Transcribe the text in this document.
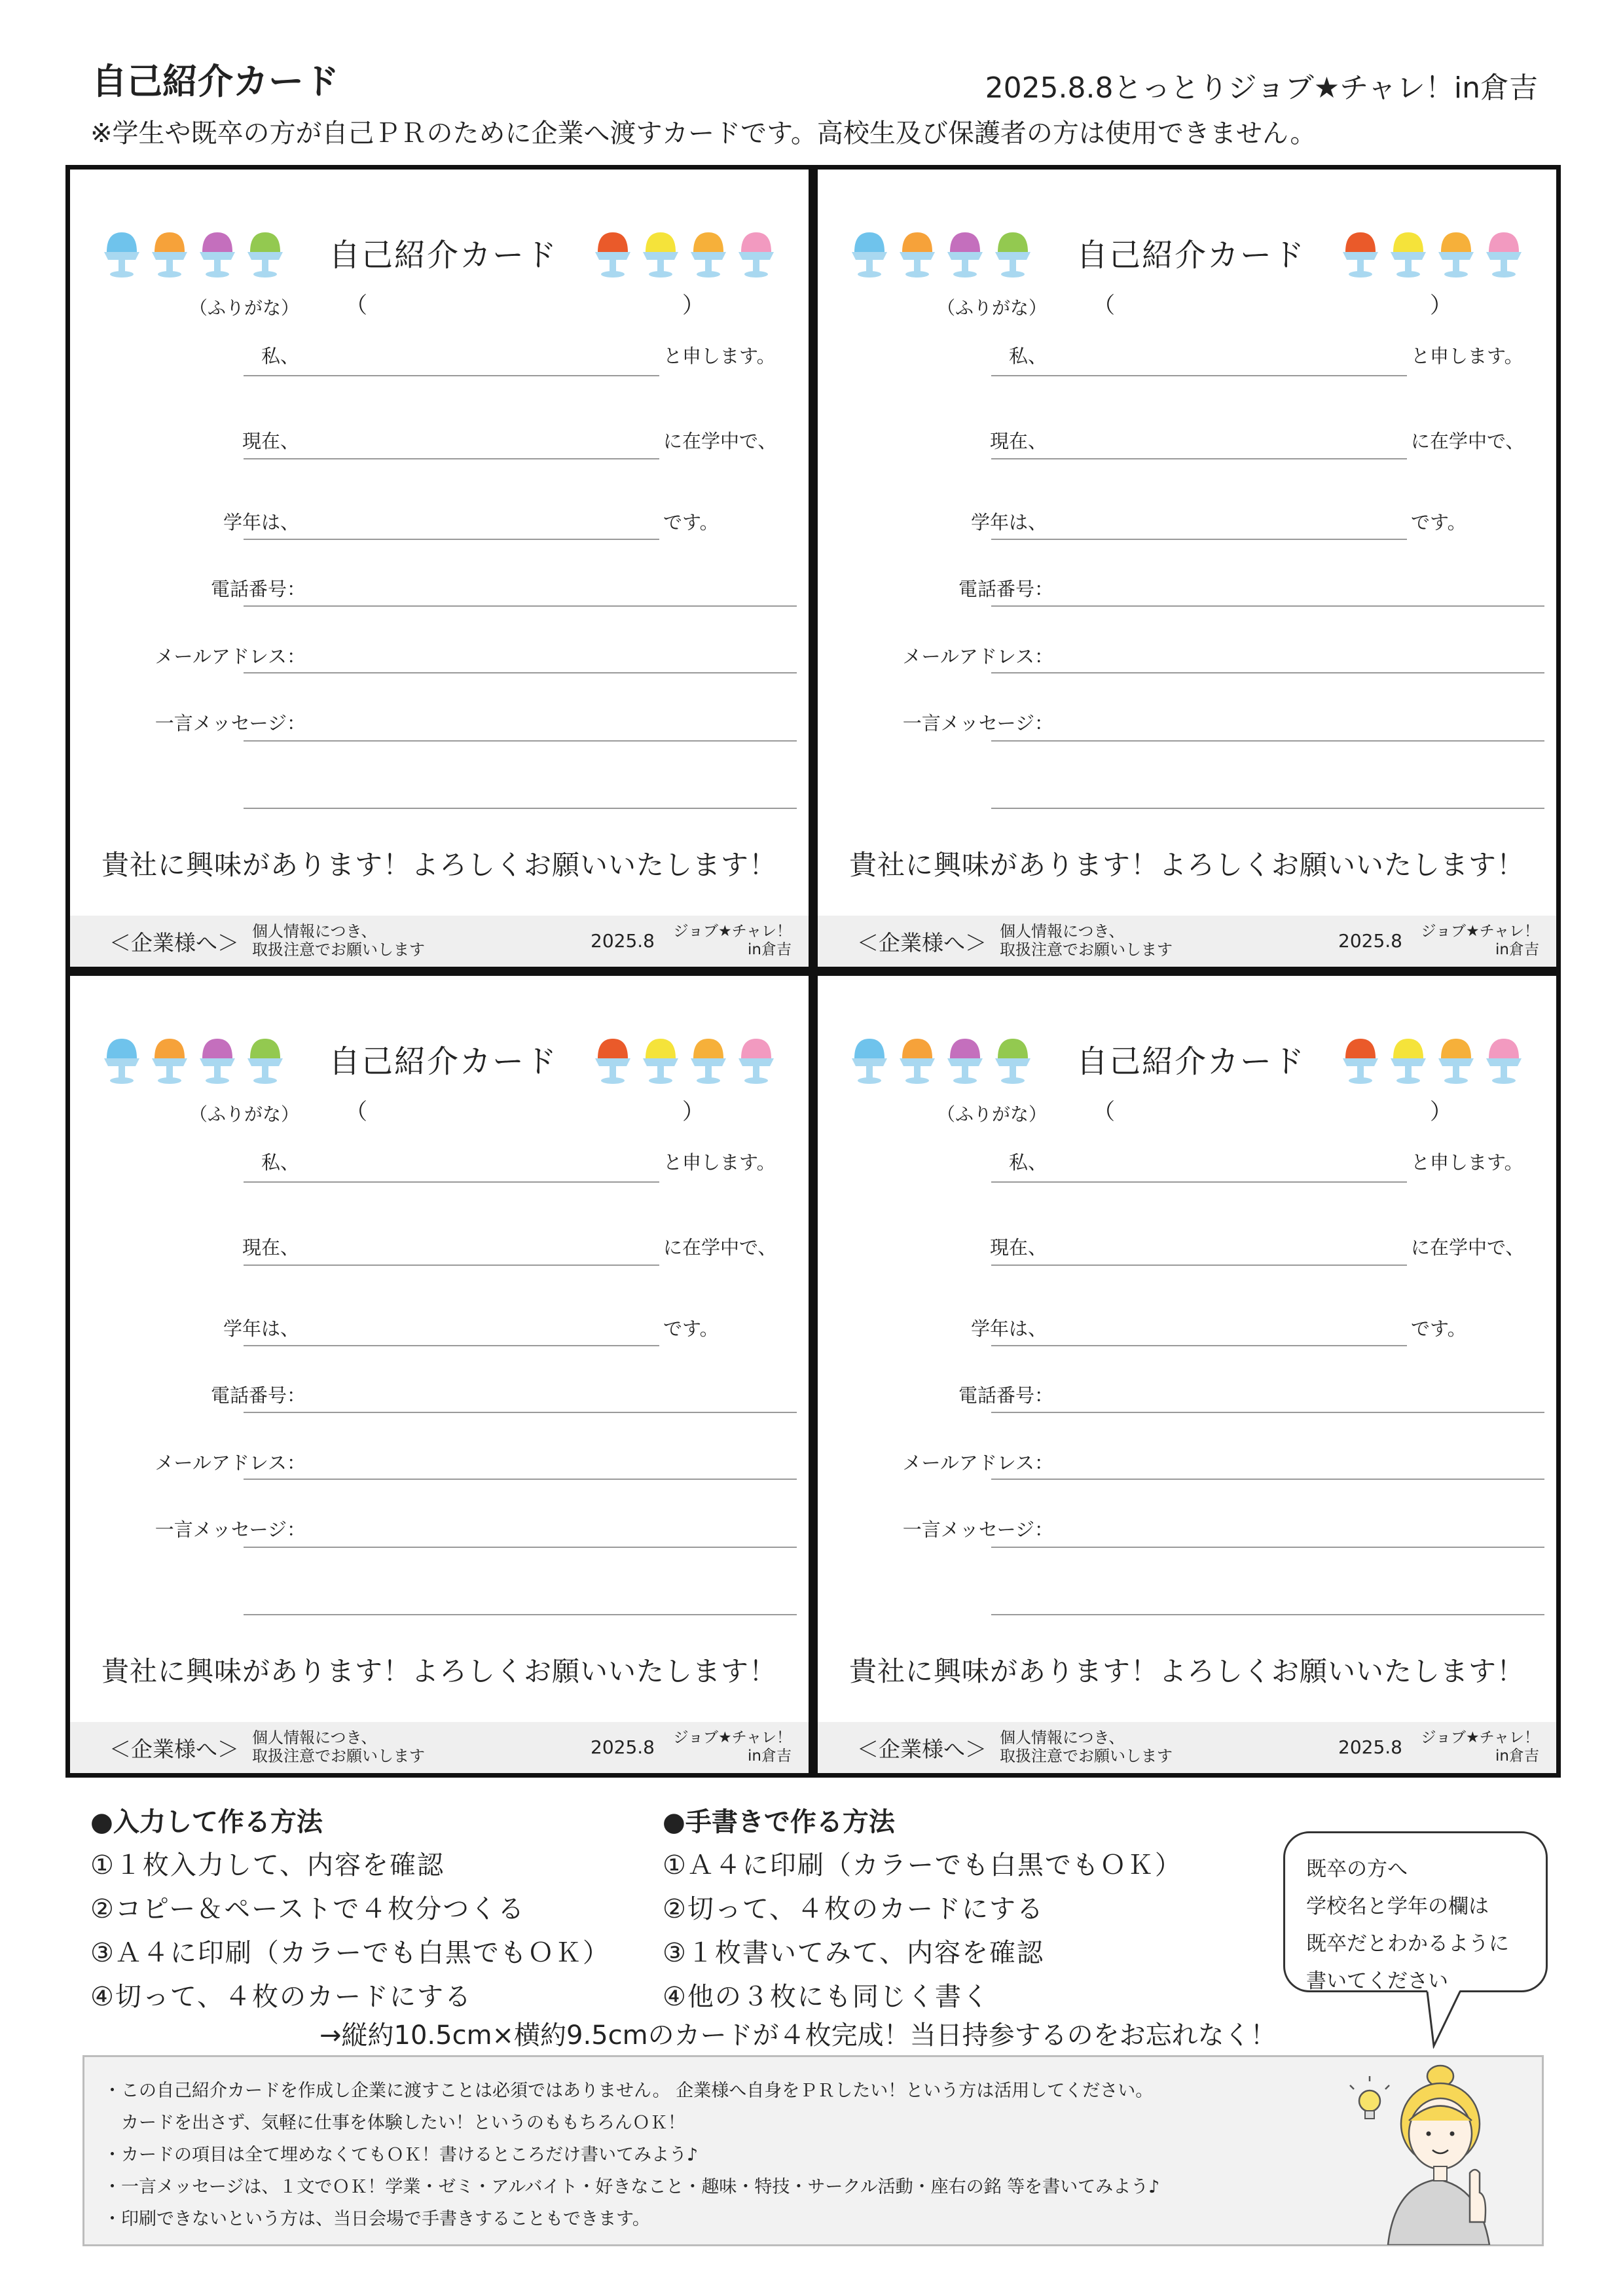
自己紹介カード	2025.8.8とっとりジョブ★チャレ！in倉吉
※学生や既卒の方が自己ＰＲのために企業へ渡すカードです。高校生及び保護者の方は使用できません。
自己紹介カード
（ふりがな） （	）
私、	と申します。
現在、	に在学中で、
学年は、	です。
電話番号：
メールアドレス：
一言メッセージ：
貴社に興味があります！よろしくお願いいたします！
＜企業様へ＞ 個人情報につき、
取扱注意でお願いします	2025.8 ジョブ★チャレ！
in倉吉
自己紹介カード
（ふりがな） （	）
私、	と申します。
現在、	に在学中で、
学年は、	です。
電話番号：
メールアドレス：
一言メッセージ：
貴社に興味があります！よろしくお願いいたします！
＜企業様へ＞ 個人情報につき、
取扱注意でお願いします	2025.8 ジョブ★チャレ！
in倉吉
自己紹介カード
（ふりがな） （	）
私、	と申します。
現在、	に在学中で、
学年は、	です。
電話番号：
メールアドレス：
一言メッセージ：
貴社に興味があります！よろしくお願いいたします！
＜企業様へ＞ 個人情報につき、
取扱注意でお願いします	2025.8 ジョブ★チャレ！
in倉吉
自己紹介カード
（ふりがな） （	）
私、	と申します。
現在、	に在学中で、
学年は、	です。
電話番号：
メールアドレス：
一言メッセージ：
貴社に興味があります！よろしくお願いいたします！
＜企業様へ＞ 個人情報につき、
取扱注意でお願いします	2025.8 ジョブ★チャレ！
in倉吉
●入力して作る方法
①１枚入力して、内容を確認
②コピー＆ペーストで４枚分つくる
③Ａ４に印刷（カラーでも白黒でもＯＫ）
④切って、４枚のカードにする
●手書きで作る方法
①Ａ４に印刷（カラーでも白黒でもＯＫ）
②切って、４枚のカードにする
③１枚書いてみて、内容を確認
④他の３枚にも同じく書く
既卒の方へ
学校名と学年の欄は
既卒だとわかるように
書いてください
→縦約10.5cm×横約9.5cmのカードが４枚完成！当日持参するのをお忘れなく！
・この自己紹介カードを作成し企業に渡すことは必須ではありません。 企業様へ自身をＰＲしたい！という方は活用してください。
　カードを出さず、気軽に仕事を体験したい！というのももちろんＯＫ！
・カードの項目は全て埋めなくてもＯＫ！書けるところだけ書いてみよう♪
・一言メッセージは、１文でＯＫ！学業・ゼミ・アルバイト・好きなこと・趣味・特技・サークル活動・座右の銘 等を書いてみよう♪
・印刷できないという方は、当日会場で手書きすることもできます。
